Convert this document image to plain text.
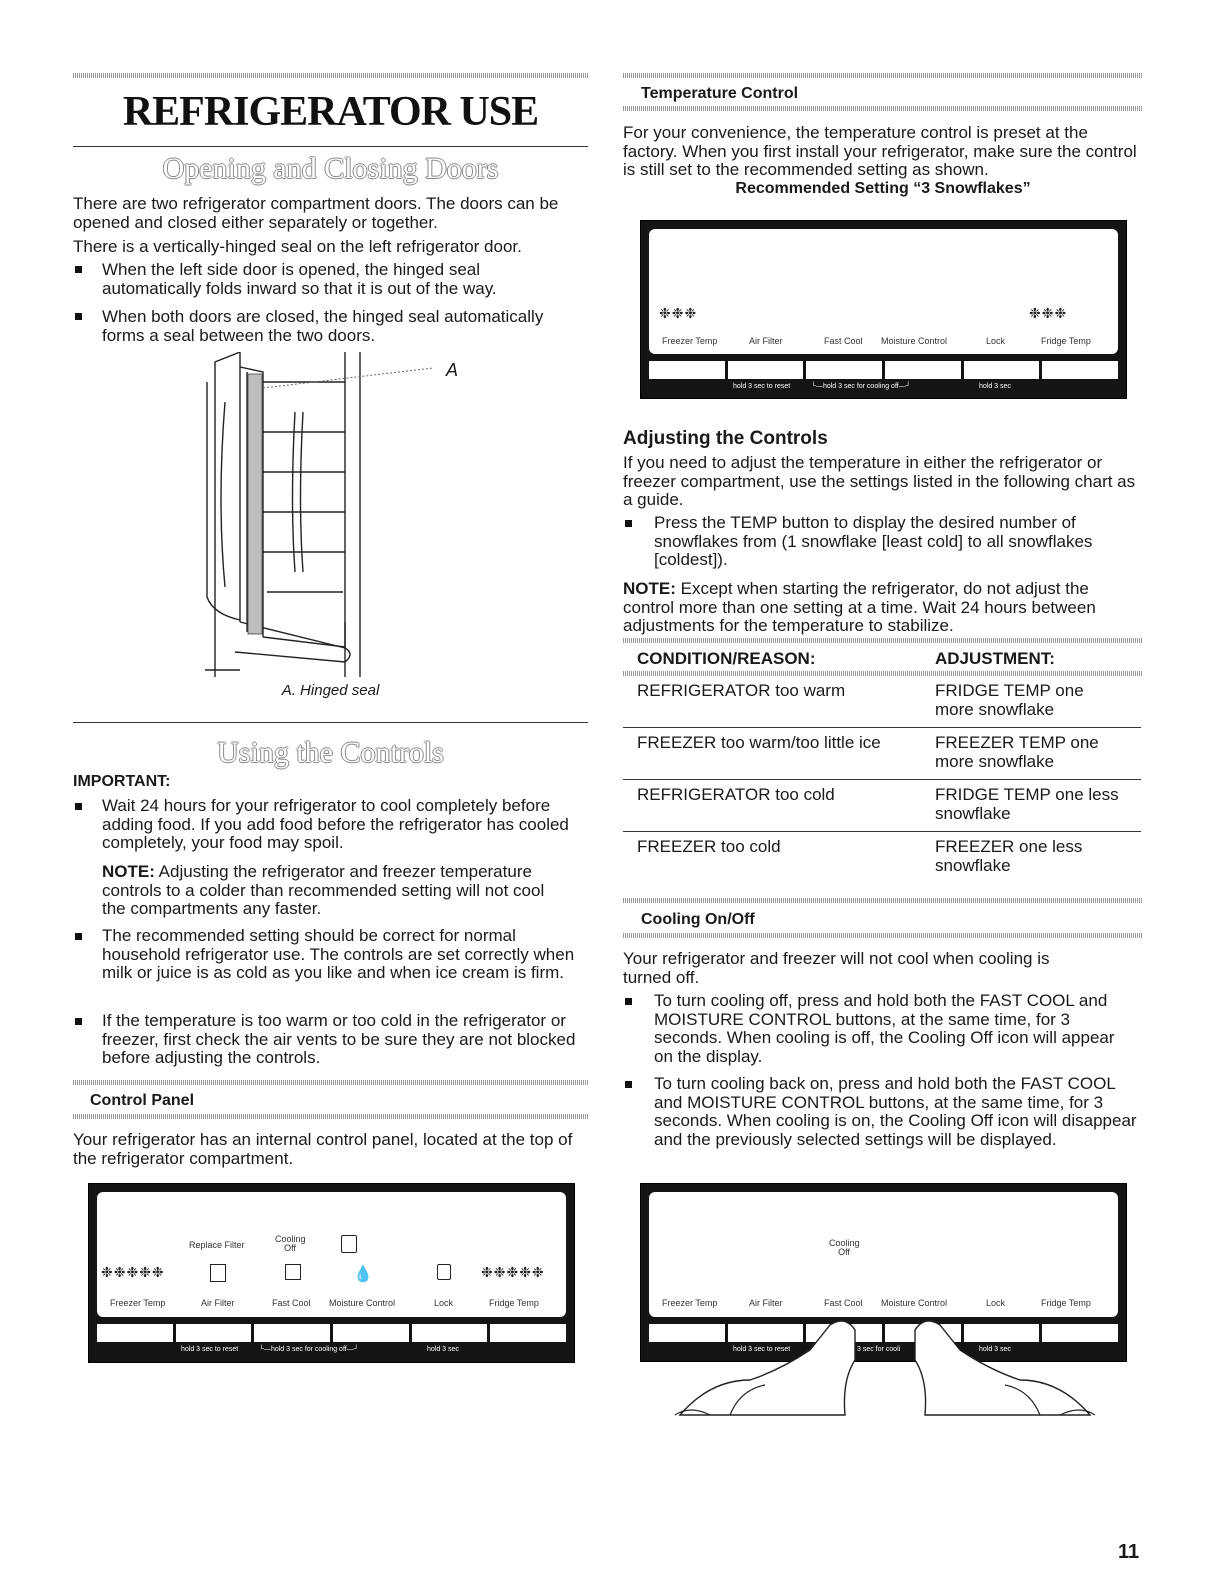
REFRIGERATOR USE
Opening and Closing Doors
There are two refrigerator compartment doors. The doors can be opened and closed either separately or together.
There is a vertically-hinged seal on the left refrigerator door.
When the left side door is opened, the hinged seal automatically folds inward so that it is out of the way.
When both doors are closed, the hinged seal automatically forms a seal between the two doors.
A
A. Hinged seal
Using the Controls
IMPORTANT:
Wait 24 hours for your refrigerator to cool completely before adding food. If you add food before the refrigerator has cooled completely, your food may spoil.
NOTE: Adjusting the refrigerator and freezer temperature controls to a colder than recommended setting will not cool the compartments any faster.
The recommended setting should be correct for normal household refrigerator use. The controls are set correctly when milk or juice is as cold as you like and when ice cream is firm.
If the temperature is too warm or too cold in the refrigerator or freezer, first check the air vents to be sure they are not blocked before adjusting the controls.
Control Panel
Your refrigerator has an internal control panel, located at the top of the refrigerator compartment.
Replace Filter
Cooling Off
❉❉❉❉❉	💧	❉❉❉❉❉
Freezer Temp	Air Filter	Fast Cool Moisture Control	Lock	Fridge Temp
hold 3 sec to reset	└—hold 3 sec for cooling off—┘	hold 3 sec
Temperature Control
For your convenience, the temperature control is preset at the factory. When you first install your refrigerator, make sure the control is still set to the recommended setting as shown.
Recommended Setting “3 Snowflakes”
❉❉❉	❉❉❉
Freezer Temp	Air Filter	Fast Cool Moisture Control	Lock	Fridge Temp
hold 3 sec to reset	└—hold 3 sec for cooling off—┘	hold 3 sec
Adjusting the Controls
If you need to adjust the temperature in either the refrigerator or freezer compartment, use the settings listed in the following chart as a guide.
Press the TEMP button to display the desired number of snowflakes from (1 snowflake [least cold] to all snowflakes [coldest]).
NOTE: Except when starting the refrigerator, do not adjust the control more than one setting at a time. Wait 24 hours between adjustments for the temperature to stabilize.
CONDITION/REASON:	ADJUSTMENT:
REFRIGERATOR too warm	FRIDGE TEMP one more snowflake
FREEZER too warm/too little ice	FREEZER TEMP one more snowflake
REFRIGERATOR too cold	FRIDGE TEMP one less snowflake
FREEZER too cold	FREEZER one less snowflake
Cooling On/Off
Your refrigerator and freezer will not cool when cooling is turned off.
To turn cooling off, press and hold both the FAST COOL and MOISTURE CONTROL buttons, at the same time, for 3 seconds. When cooling is off, the Cooling Off icon will appear on the display.
To turn cooling back on, press and hold both the FAST COOL and MOISTURE CONTROL buttons, at the same time, for 3 seconds. When cooling is on, the Cooling Off icon will disappear and the previously selected settings will be displayed.
Cooling Off
Freezer Temp	Air Filter	Fast Cool Moisture Control	Lock	Fridge Temp
hold 3 sec to reset	3 sec for cooli	hold 3 sec
11
